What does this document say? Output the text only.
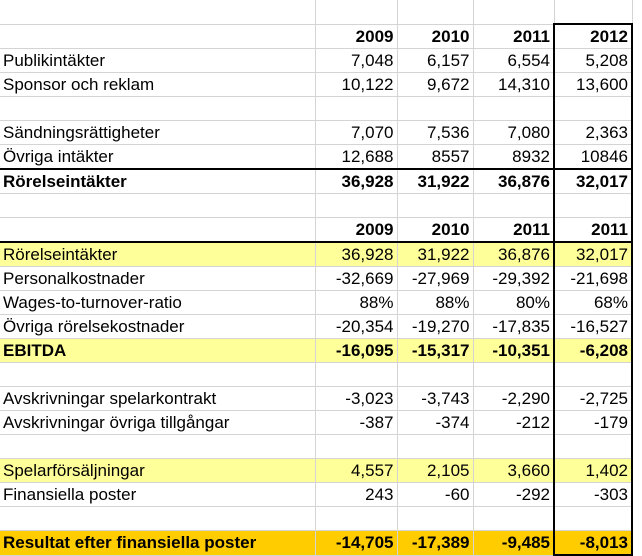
	2009	2010	2011	2012
Publikintäkter	7,048	6,157	6,554	5,208
Sponsor och reklam	10,122	9,672	14,310	13,600

Sändningsrättigheter	7,070	7,536	7,080	2,363
Övriga intäkter	12,688	8557	8932	10846
Rörelseintäkter	36,928	31,922	36,876	32,017

	2009	2010	2011	2011
Rörelseintäkter	36,928	31,922	36,876	32,017
Personalkostnader	-32,669	-27,969	-29,392	-21,698
Wages-to-turnover-ratio	88%	88%	80%	68%
Övriga rörelsekostnader	-20,354	-19,270	-17,835	-16,527
EBITDA	-16,095	-15,317	-10,351	-6,208

Avskrivningar spelarkontrakt	-3,023	-3,743	-2,290	-2,725
Avskrivningar övriga tillgångar	-387	-374	-212	-179

Spelarförsäljningar	4,557	2,105	3,660	1,402
Finansiella poster	243	-60	-292	-303

Resultat efter finansiella poster	-14,705	-17,389	-9,485	-8,013
